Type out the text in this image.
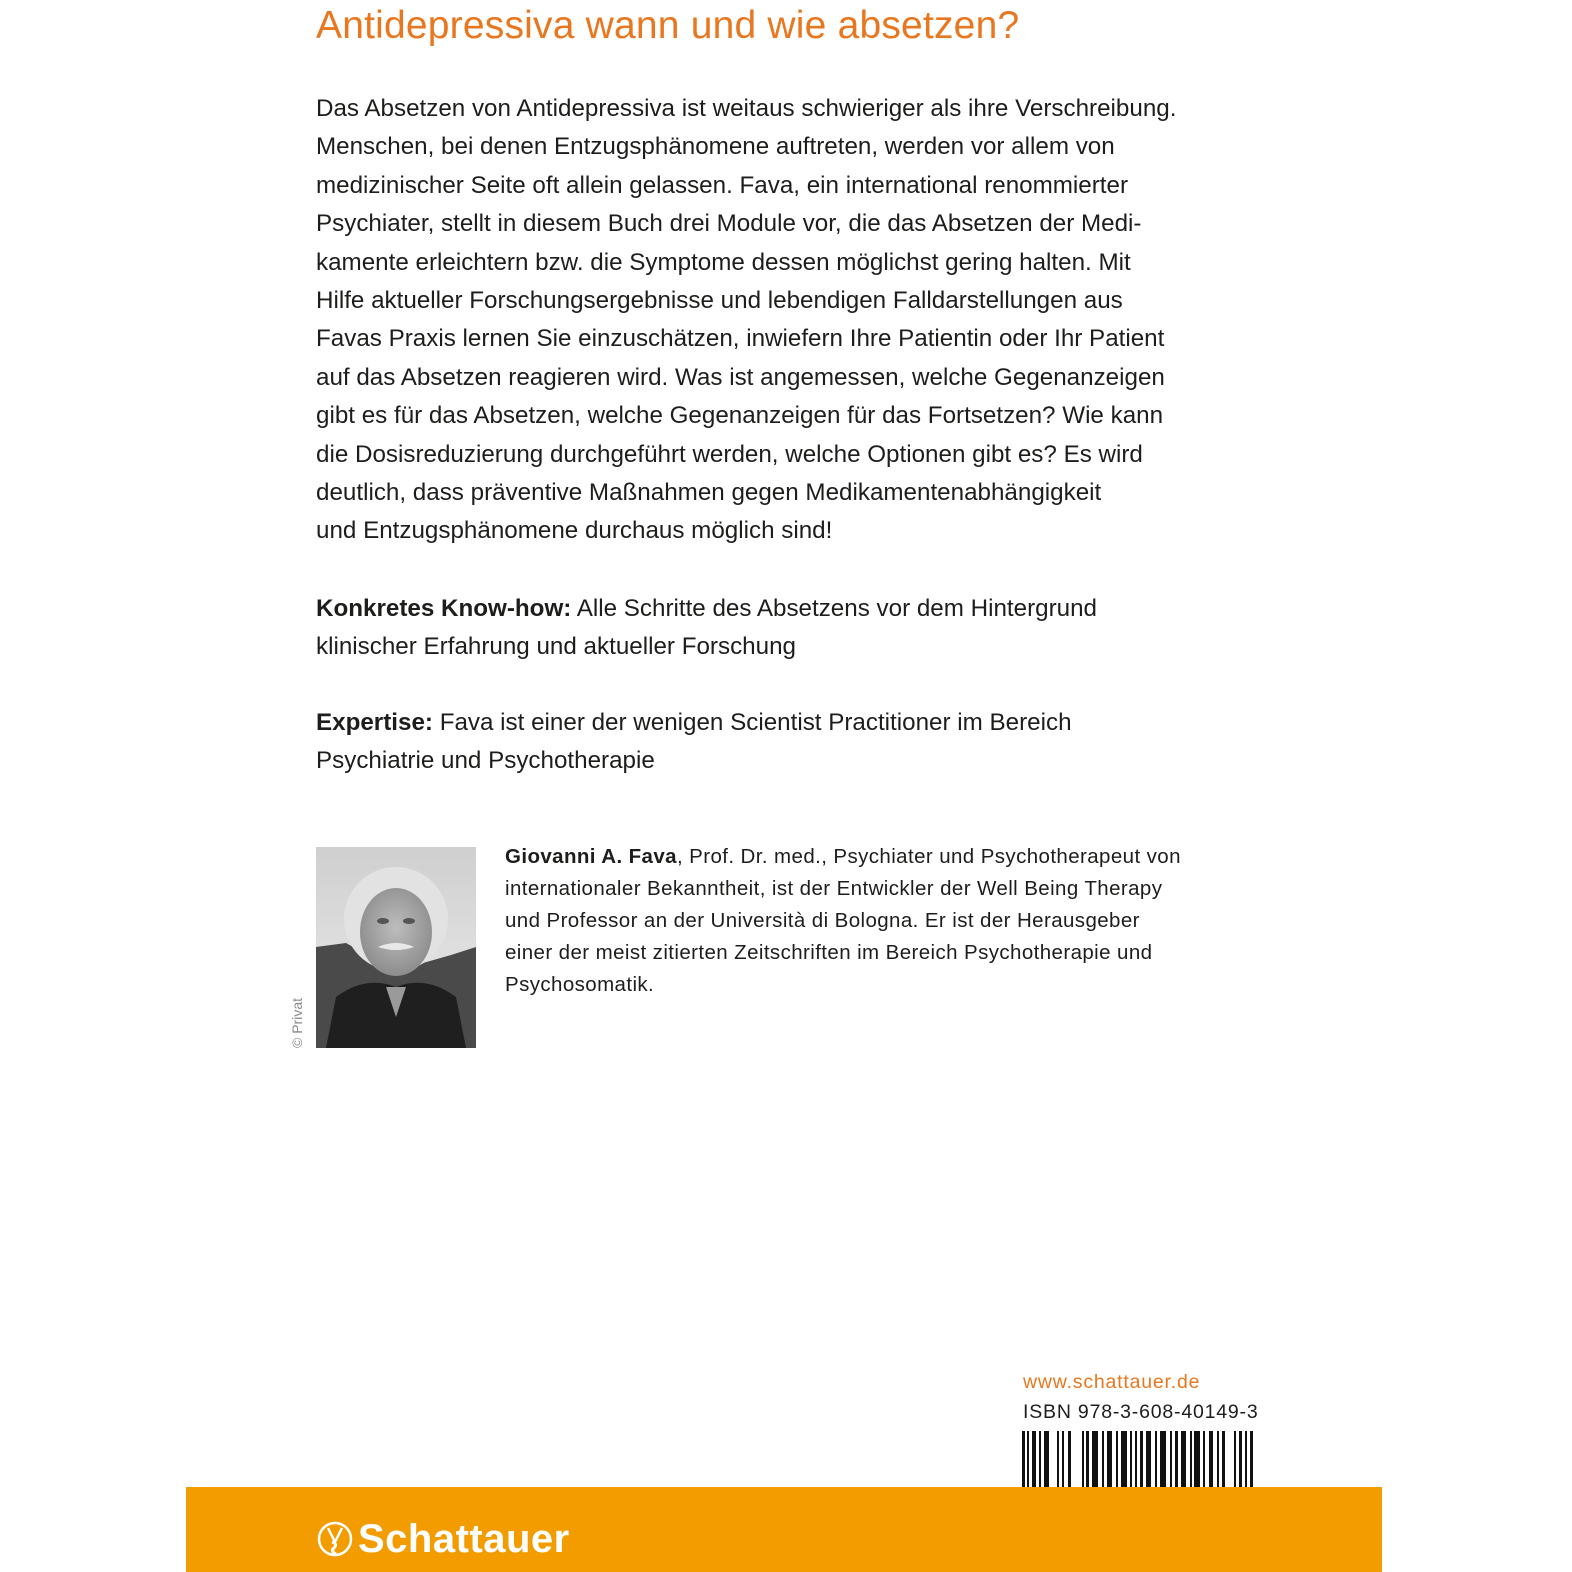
Antidepressiva wann und wie absetzen?

Das Absetzen von Antidepressiva ist weitaus schwieriger als ihre Verschreibung.
Menschen, bei denen Entzugsphänomene auftreten, werden vor allem von
medizinischer Seite oft allein gelassen. Fava, ein international renommierter
Psychiater, stellt in diesem Buch drei Module vor, die das Absetzen der Medi-
kamente erleichtern bzw. die Symptome dessen möglichst gering halten. Mit
Hilfe aktueller Forschungsergebnisse und lebendigen Falldarstellungen aus
Favas Praxis lernen Sie einzuschätzen, inwiefern Ihre Patientin oder Ihr Patient
auf das Absetzen reagieren wird. Was ist angemessen, welche Gegenanzeigen
gibt es für das Absetzen, welche Gegenanzeigen für das Fortsetzen? Wie kann
die Dosisreduzierung durchgeführt werden, welche Optionen gibt es? Es wird
deutlich, dass präventive Maßnahmen gegen Medikamentenabhängigkeit
und Entzugsphänomene durchaus möglich sind!

Konkretes Know-how: Alle Schritte des Absetzens vor dem Hintergrund
klinischer Erfahrung und aktueller Forschung

Expertise: Fava ist einer der wenigen Scientist Practitioner im Bereich
Psychiatrie und Psychotherapie

© Privat
Giovanni A. Fava, Prof. Dr. med., Psychiater und Psychotherapeut von
internationaler Bekanntheit, ist der Entwickler der Well Being Therapy
und Professor an der Università di Bologna. Er ist der Herausgeber
einer der meist zitierten Zeitschriften im Bereich Psychotherapie und
Psychosomatik.
www.schattauer.de
ISBN 978-3-608-40149-3
Schattauer
